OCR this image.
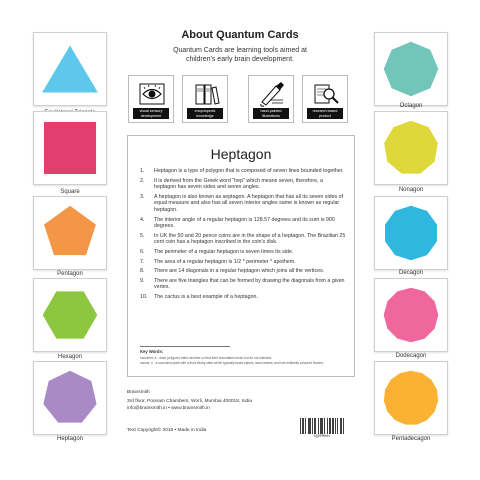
About Quantum Cards
Quantum Cards are learning tools aimed at
children's early brain development.
visual sensory development
encyclopedic knowledge
hand-painted illustrations
research based product
Square
Pentagon
Hexagon
Heptagon
Octagon
Nonagon
Decagon
Dodecagon
Pentadecagon
Heptagon
1.	Heptagon is a type of polygon that is composed of seven lines bounded together.
2.	It is derived from the Greek word "hep" which means seven, therefore, a heptagon has seven sides and seven angles.
3.	A heptagon is also known as septagon. A heptagon that has all its seven sides of equal measure and also has all seven interior angles same is known as regular heptagon.
4.	The interior angle of a regular heptagon is 128.57 degrees and its sum is 900 degrees.
5.	In UK the 50 and 20 pence coins are in the shape of a heptagon. The Brazilian 25 cent coin has a heptagon inscribed in the coin's disk.
6.	The perimeter of a regular heptagon is seven times its side.
7.	The area of a regular heptagon is 1/2 * perimeter * apothem.
8.	There are 14 diagonals in a regular heptagon which joins all the vertices.
9.	There are five triangles that can be formed by drawing the diagonals from a given vertex.
10.	The cactus is a best example of a heptagon.
Key Words:
inscribed: a - draw (a figure) within another so that their boundaries touch but do not intersect.
cactus: n - a succulent plant with a thick fleshy stem which typically bears spines, lacks leaves, and has brilliantly coloured flowers.
Brainsmith
3rd floor, Poonam Chambers, Worli, Mumbai 400018, India
info@brainsmith.in • www.brainsmith.in
Text Copyright© 2016 • Made in India
5QDPM001
